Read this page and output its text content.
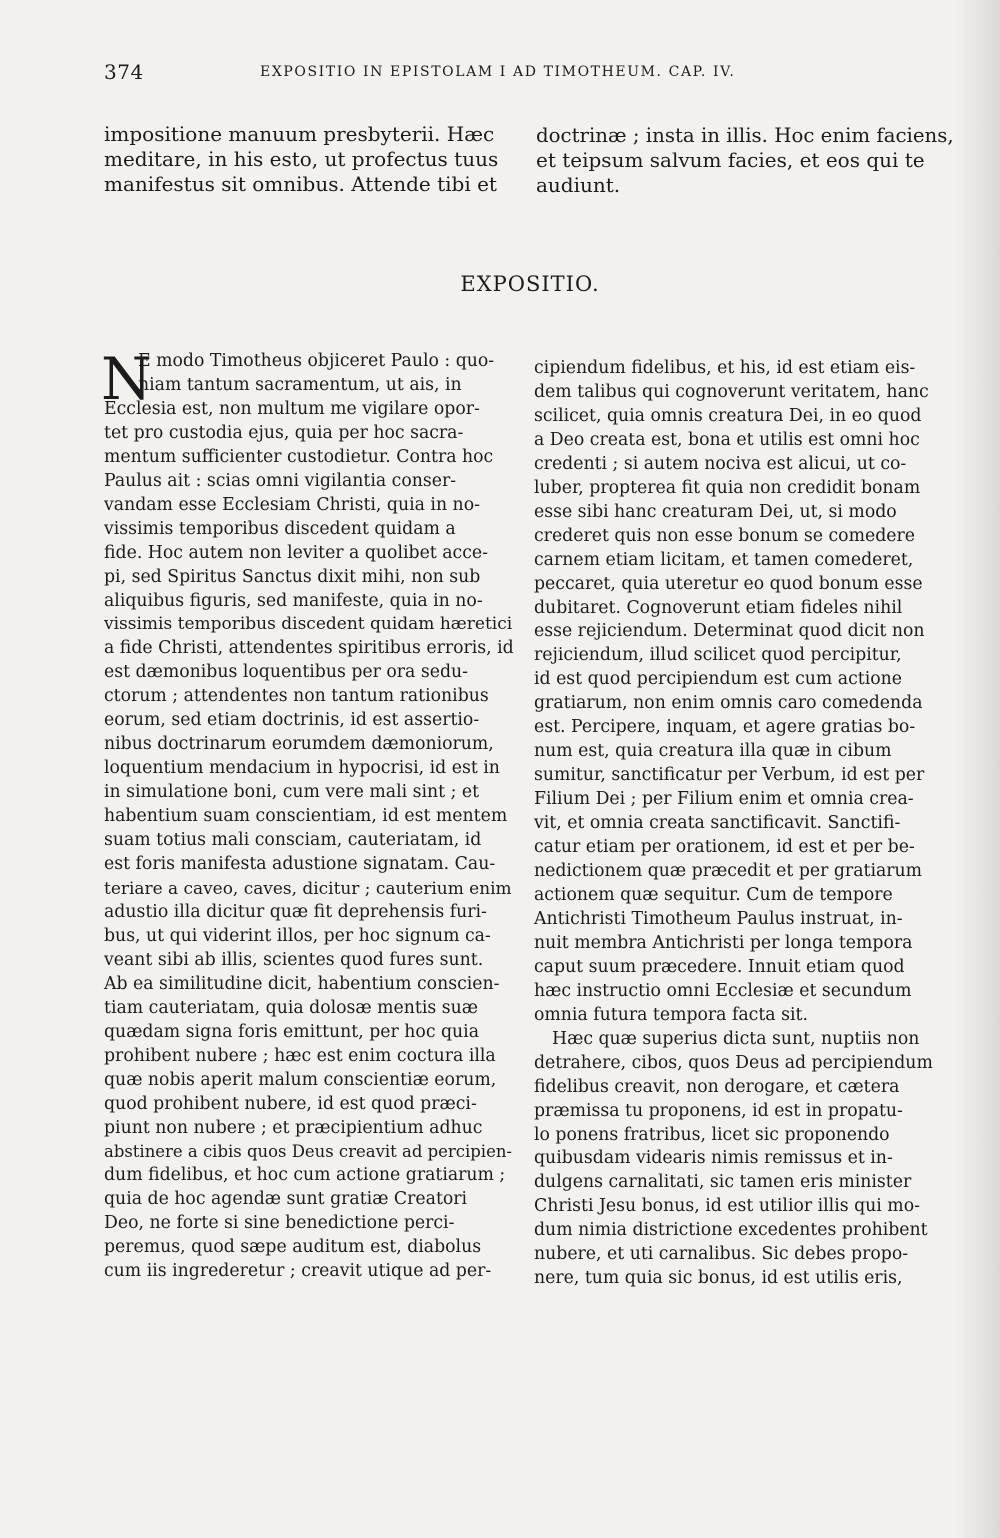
374	EXPOSITIO IN EPISTOLAM I AD TIMOTHEUM. CAP. IV.
impositione manuum presbyterii. Hæc
meditare, in his esto, ut profectus tuus
manifestus sit omnibus. Attende tibi et
doctrinæ ; insta in illis. Hoc enim faciens,
et teipsum salvum facies, et eos qui te
audiunt.
EXPOSITIO.
N
E modo Timotheus objiceret Paulo : quo-
niam tantum sacramentum, ut ais, in
Ecclesia est, non multum me vigilare opor-
tet pro custodia ejus, quia per hoc sacra-
mentum sufficienter custodietur. Contra hoc
Paulus ait : scias omni vigilantia conser-
vandam esse Ecclesiam Christi, quia in no-
vissimis temporibus discedent quidam a
fide. Hoc autem non leviter a quolibet acce-
pi, sed Spiritus Sanctus dixit mihi, non sub
aliquibus figuris, sed manifeste, quia in no-
vissimis temporibus discedent quidam hæretici
a fide Christi, attendentes spiritibus erroris, id
est dæmonibus loquentibus per ora sedu-
ctorum ; attendentes non tantum rationibus
eorum, sed etiam doctrinis, id est assertio-
nibus doctrinarum eorumdem dæmoniorum,
loquentium mendacium in hypocrisi, id est in
in simulatione boni, cum vere mali sint ; et
habentium suam conscientiam, id est mentem
suam totius mali consciam, cauteriatam, id
est foris manifesta adustione signatam. Cau-
teriare a caveo, caves, dicitur ; cauterium enim
adustio illa dicitur quæ fit deprehensis furi-
bus, ut qui viderint illos, per hoc signum ca-
veant sibi ab illis, scientes quod fures sunt.
Ab ea similitudine dicit, habentium conscien-
tiam cauteriatam, quia dolosæ mentis suæ
quædam signa foris emittunt, per hoc quia
prohibent nubere ; hæc est enim coctura illa
quæ nobis aperit malum conscientiæ eorum,
quod prohibent nubere, id est quod præci-
piunt non nubere ; et præcipientium adhuc
abstinere a cibis quos Deus creavit ad percipien-
dum fidelibus, et hoc cum actione gratiarum ;
quia de hoc agendæ sunt gratiæ Creatori
Deo, ne forte si sine benedictione perci-
peremus, quod sæpe auditum est, diabolus
cum iis ingrederetur ; creavit utique ad per-
cipiendum fidelibus, et his, id est etiam eis-
dem talibus qui cognoverunt veritatem, hanc
scilicet, quia omnis creatura Dei, in eo quod
a Deo creata est, bona et utilis est omni hoc
credenti ; si autem nociva est alicui, ut co-
luber, propterea fit quia non credidit bonam
esse sibi hanc creaturam Dei, ut, si modo
crederet quis non esse bonum se comedere
carnem etiam licitam, et tamen comederet,
peccaret, quia uteretur eo quod bonum esse
dubitaret. Cognoverunt etiam fideles nihil
esse rejiciendum. Determinat quod dicit non
rejiciendum, illud scilicet quod percipitur,
id est quod percipiendum est cum actione
gratiarum, non enim omnis caro comedenda
est. Percipere, inquam, et agere gratias bo-
num est, quia creatura illa quæ in cibum
sumitur, sanctificatur per Verbum, id est per
Filium Dei ; per Filium enim et omnia crea-
vit, et omnia creata sanctificavit. Sanctifi-
catur etiam per orationem, id est et per be-
nedictionem quæ præcedit et per gratiarum
actionem quæ sequitur. Cum de tempore
Antichristi Timotheum Paulus instruat, in-
nuit membra Antichristi per longa tempora
caput suum præcedere. Innuit etiam quod
hæc instructio omni Ecclesiæ et secundum
omnia futura tempora facta sit.
Hæc quæ superius dicta sunt, nuptiis non
detrahere, cibos, quos Deus ad percipiendum
fidelibus creavit, non derogare, et cætera
præmissa tu proponens, id est in propatu-
lo ponens fratribus, licet sic proponendo
quibusdam videaris nimis remissus et in-
dulgens carnalitati, sic tamen eris minister
Christi Jesu bonus, id est utilior illis qui mo-
dum nimia districtione excedentes prohibent
nubere, et uti carnalibus. Sic debes propo-
nere, tum quia sic bonus, id est utilis eris,
